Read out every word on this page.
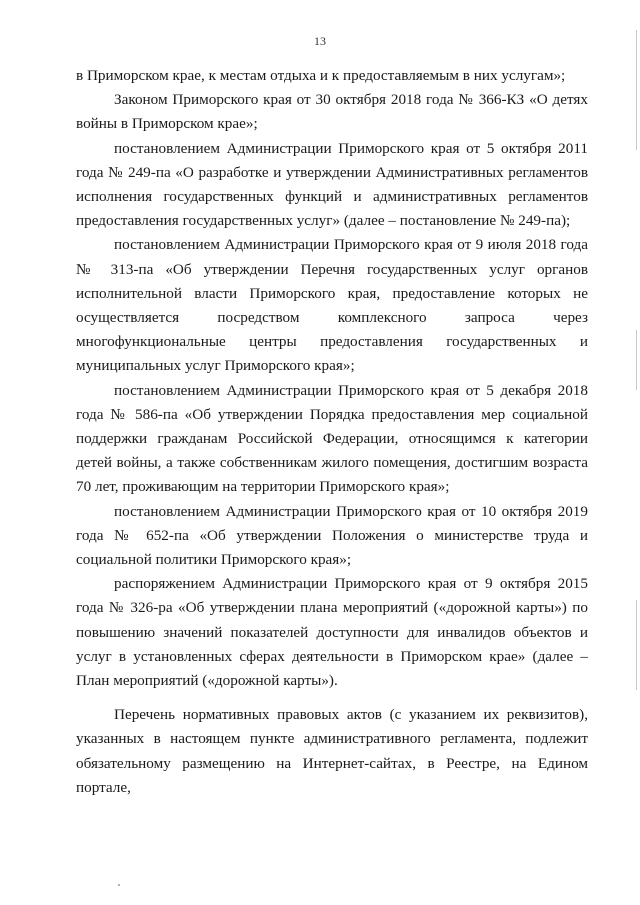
13

в Приморском крае, к местам отдыха и к предоставляемым в них услугам»;

Законом Приморского края от 30 октября 2018 года № 366-КЗ «О детях войны в Приморском крае»;

постановлением Администрации Приморского края от 5 октября 2011 года № 249-па «О разработке и утверждении Административных регламентов исполнения государственных функций и административных регламентов предоставления государственных услуг» (далее – постановление № 249-па);

постановлением Администрации Приморского края от 9 июля 2018 года № 313-па «Об утверждении Перечня государственных услуг органов исполнительной власти Приморского края, предоставление которых не осуществляется посредством комплексного запроса через многофункциональные центры предоставления государственных и муниципальных услуг Приморского края»;

постановлением Администрации Приморского края от 5 декабря 2018 года № 586-па «Об утверждении Порядка предоставления мер социальной поддержки гражданам Российской Федерации, относящимся к категории детей войны, а также собственникам жилого помещения, достигшим возраста 70 лет, проживающим на территории Приморского края»;

постановлением Администрации Приморского края от 10 октября 2019 года № 652-па «Об утверждении Положения о министерстве труда и социальной политики Приморского края»;

распоряжением Администрации Приморского края от 9 октября 2015 года № 326-ра «Об утверждении плана мероприятий («дорожной карты») по повышению значений показателей доступности для инвалидов объектов и услуг в установленных сферах деятельности в Приморском крае» (далее – План мероприятий («дорожной карты»).

Перечень нормативных правовых актов (с указанием их реквизитов), указанных в настоящем пункте административного регламента, подлежит обязательному размещению на Интернет-сайтах, в Реестре, на Едином портале,
